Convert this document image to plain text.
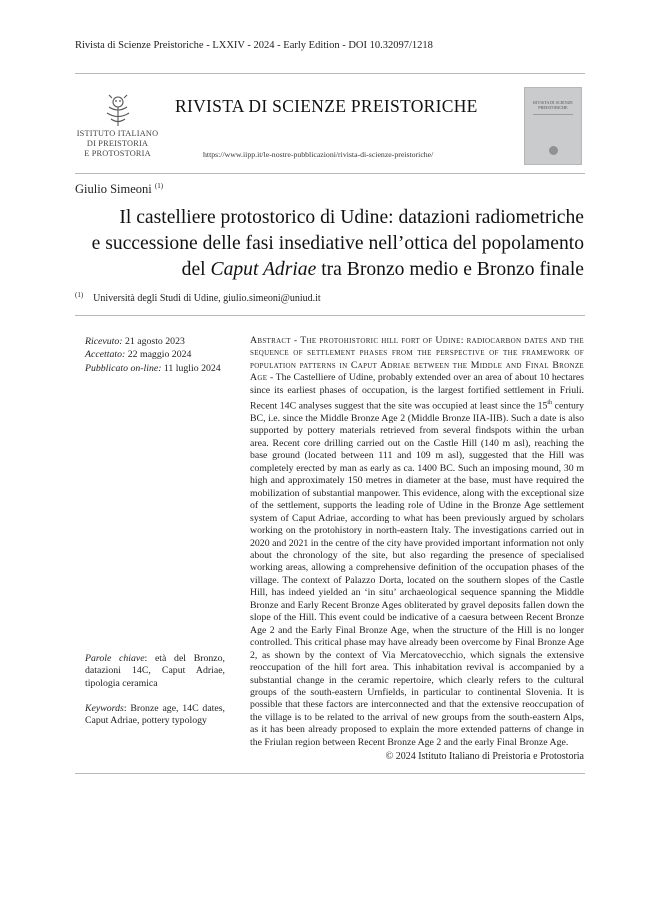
Rivista di Scienze Preistoriche - LXXIV - 2024 - Early Edition - DOI 10.32097/1218
ISTITUTO ITALIANO
DI PREISTORIA
E PROTOSTORIA
RIVISTA DI SCIENZE PREISTORICHE
https://www.iipp.it/le-nostre-pubblicazioni/rivista-di-scienze-preistoriche/
RIVISTA DI SCIENZE PREISTORICHE
Giulio Simeoni $^{(1)}$
Il castelliere protostorico di Udine: datazioni radiometriche
e successione delle fasi insediative nell’ottica del popolamento
del Caput Adriae tra Bronzo medio e Bronzo finale
$^{(1)}$ Università degli Studi di Udine, giulio.simeoni@uniud.it
Ricevuto: 21 agosto 2023
Accettato: 22 maggio 2024
Pubblicato on-line: 11 luglio 2024
Parole chiave: età del Bronzo, datazioni 14C, Caput Adriae, tipologia ceramica
Keywords: Bronze age, 14C dates, Caput Adriae, pottery typology
Abstract - The protohistoric hill fort of Udine: radiocarbon dates and the sequence of settlement phases from the perspective of the framework of population patterns in Caput Adriae between the Middle and Final Bronze Age - The Castelliere of Udine, probably extended over an area of about 10 hectares since its earliest phases of occupation, is the largest fortified settlement in Friuli. Recent 14C analyses suggest that the site was occupied at least since the 15th century BC, i.e. since the Middle Bronze Age 2 (Middle Bronze IIA-IIB). Such a date is also supported by pottery materials retrieved from several findspots within the urban area. Recent core drilling carried out on the Castle Hill (140 m asl), reaching the base ground (located between 111 and 109 m asl), suggested that the Hill was completely erected by man as early as ca. 1400 BC. Such an imposing mound, 30 m high and approximately 150 metres in diameter at the base, must have required the mobilization of substantial manpower. This evidence, along with the exceptional size of the settlement, supports the leading role of Udine in the Bronze Age settlement system of Caput Adriae, according to what has been previously argued by scholars working on the protohistory in north-eastern Italy. The investigations carried out in 2020 and 2021 in the centre of the city have provided important information not only about the chronology of the site, but also regarding the presence of specialised working areas, allowing a comprehensive definition of the occupation phases of the village. The context of Palazzo Dorta, located on the southern slopes of the Castle Hill, has indeed yielded an ‘in situ’ archaeological sequence spanning the Middle Bronze and Early Recent Bronze Ages obliterated by gravel deposits fallen down the slope of the Hill. This event could be indicative of a caesura between Recent Bronze Age 2 and the Early Final Bronze Age, when the structure of the Hill is no longer controlled. This critical phase may have already been overcome by Final Bronze Age 2, as shown by the context of Via Mercatovecchio, which signals the extensive reoccupation of the hill fort area. This inhabitation revival is accompanied by a substantial change in the ceramic repertoire, which clearly refers to the cultural groups of the south-eastern Urnfields, in particular to continental Slovenia. It is possible that these factors are interconnected and that the extensive reoccupation of the village is to be related to the arrival of new groups from the south-eastern Alps, as it has been already proposed to explain the more extended patterns of change in the Friulan region between Recent Bronze Age 2 and the early Final Bronze Age.
© 2024 Istituto Italiano di Preistoria e Protostoria
